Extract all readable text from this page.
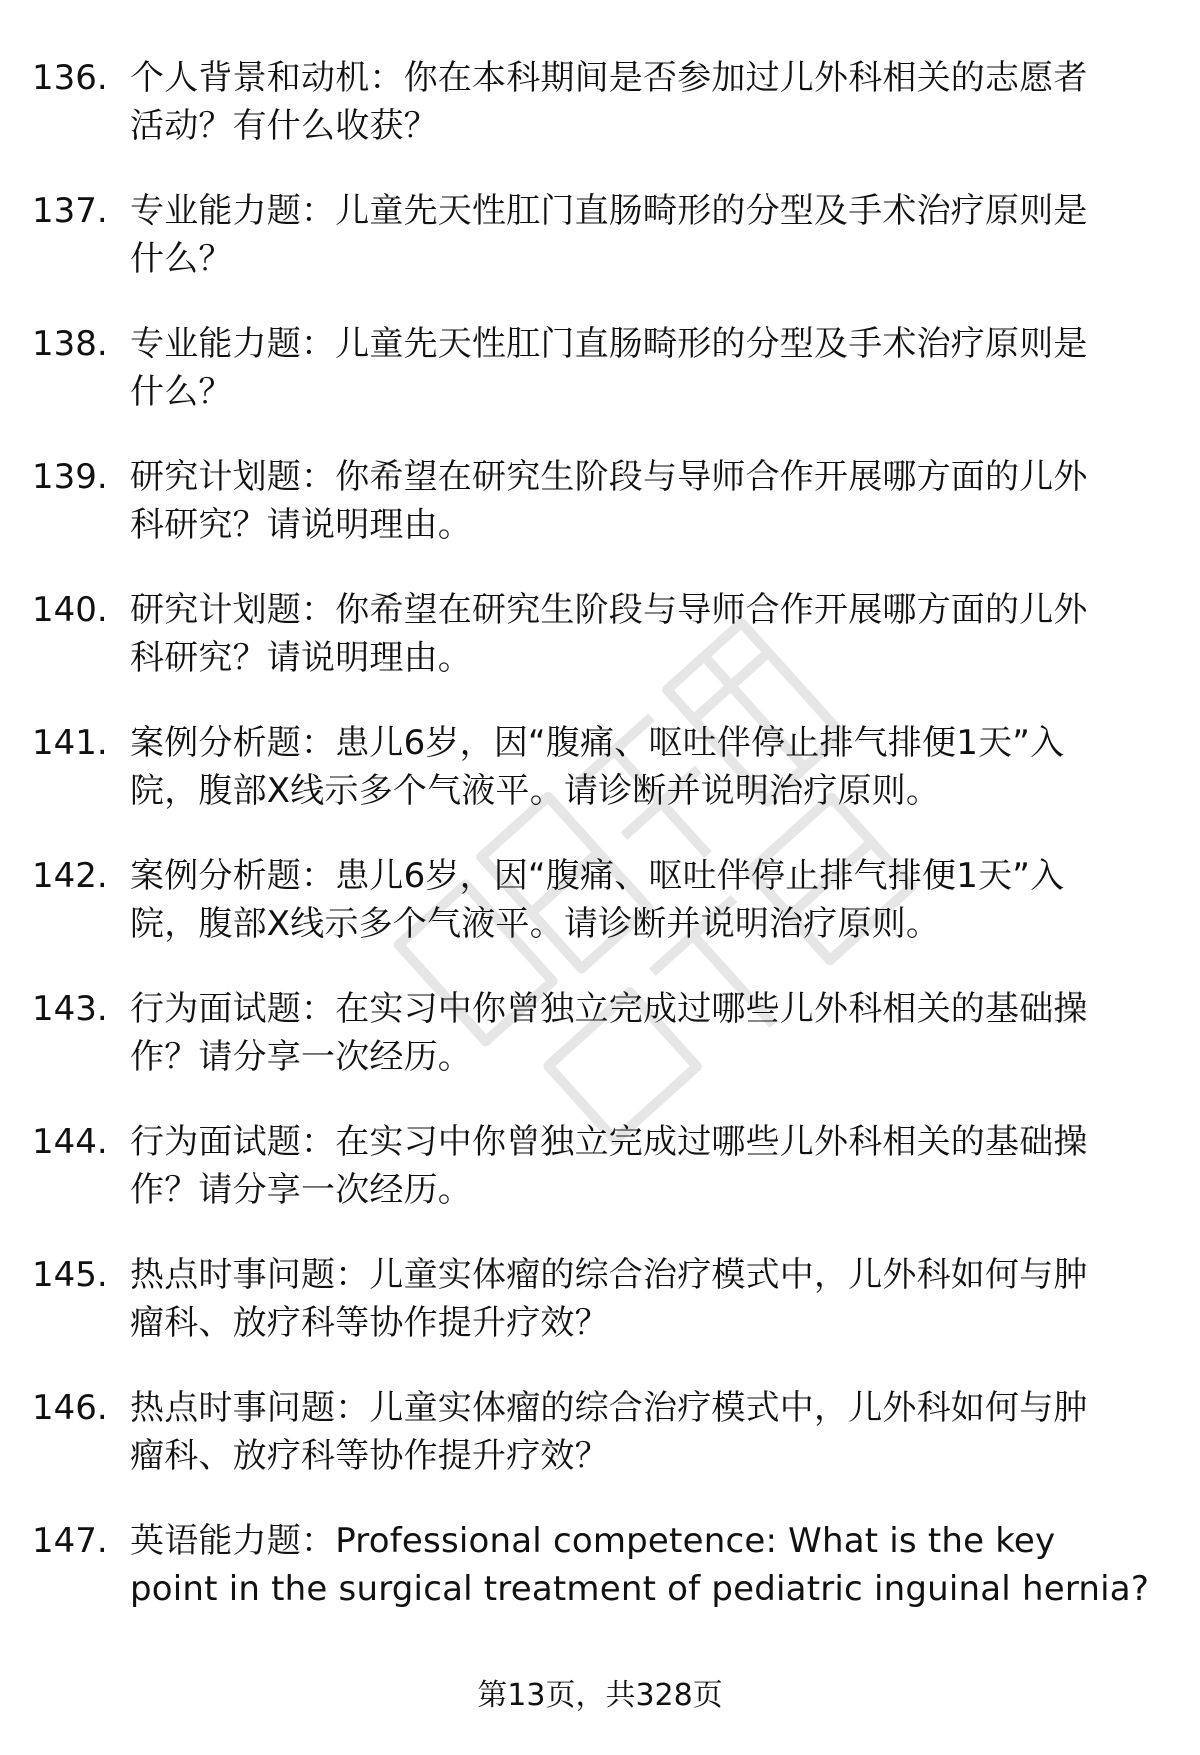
136. 个人背景和动机：你在本科期间是否参加过儿外科相关的志愿者
活动？有什么收获？
137. 专业能力题：儿童先天性肛门直肠畸形的分型及手术治疗原则是
什么？
138. 专业能力题：儿童先天性肛门直肠畸形的分型及手术治疗原则是
什么？
139. 研究计划题：你希望在研究生阶段与导师合作开展哪方面的儿外
科研究？请说明理由。
140. 研究计划题：你希望在研究生阶段与导师合作开展哪方面的儿外
科研究？请说明理由。
141. 案例分析题：患儿6岁，因“腹痛、呕吐伴停止排气排便1天”入
院，腹部X线示多个气液平。请诊断并说明治疗原则。
142. 案例分析题：患儿6岁，因“腹痛、呕吐伴停止排气排便1天”入
院，腹部X线示多个气液平。请诊断并说明治疗原则。
143. 行为面试题：在实习中你曾独立完成过哪些儿外科相关的基础操
作？请分享一次经历。
144. 行为面试题：在实习中你曾独立完成过哪些儿外科相关的基础操
作？请分享一次经历。
145. 热点时事问题：儿童实体瘤的综合治疗模式中，儿外科如何与肿
瘤科、放疗科等协作提升疗效？
146. 热点时事问题：儿童实体瘤的综合治疗模式中，儿外科如何与肿
瘤科、放疗科等协作提升疗效？
147. 英语能力题：Professional competence: What is the key
point in the surgical treatment of pediatric inguinal hernia?
第13页，共328页
